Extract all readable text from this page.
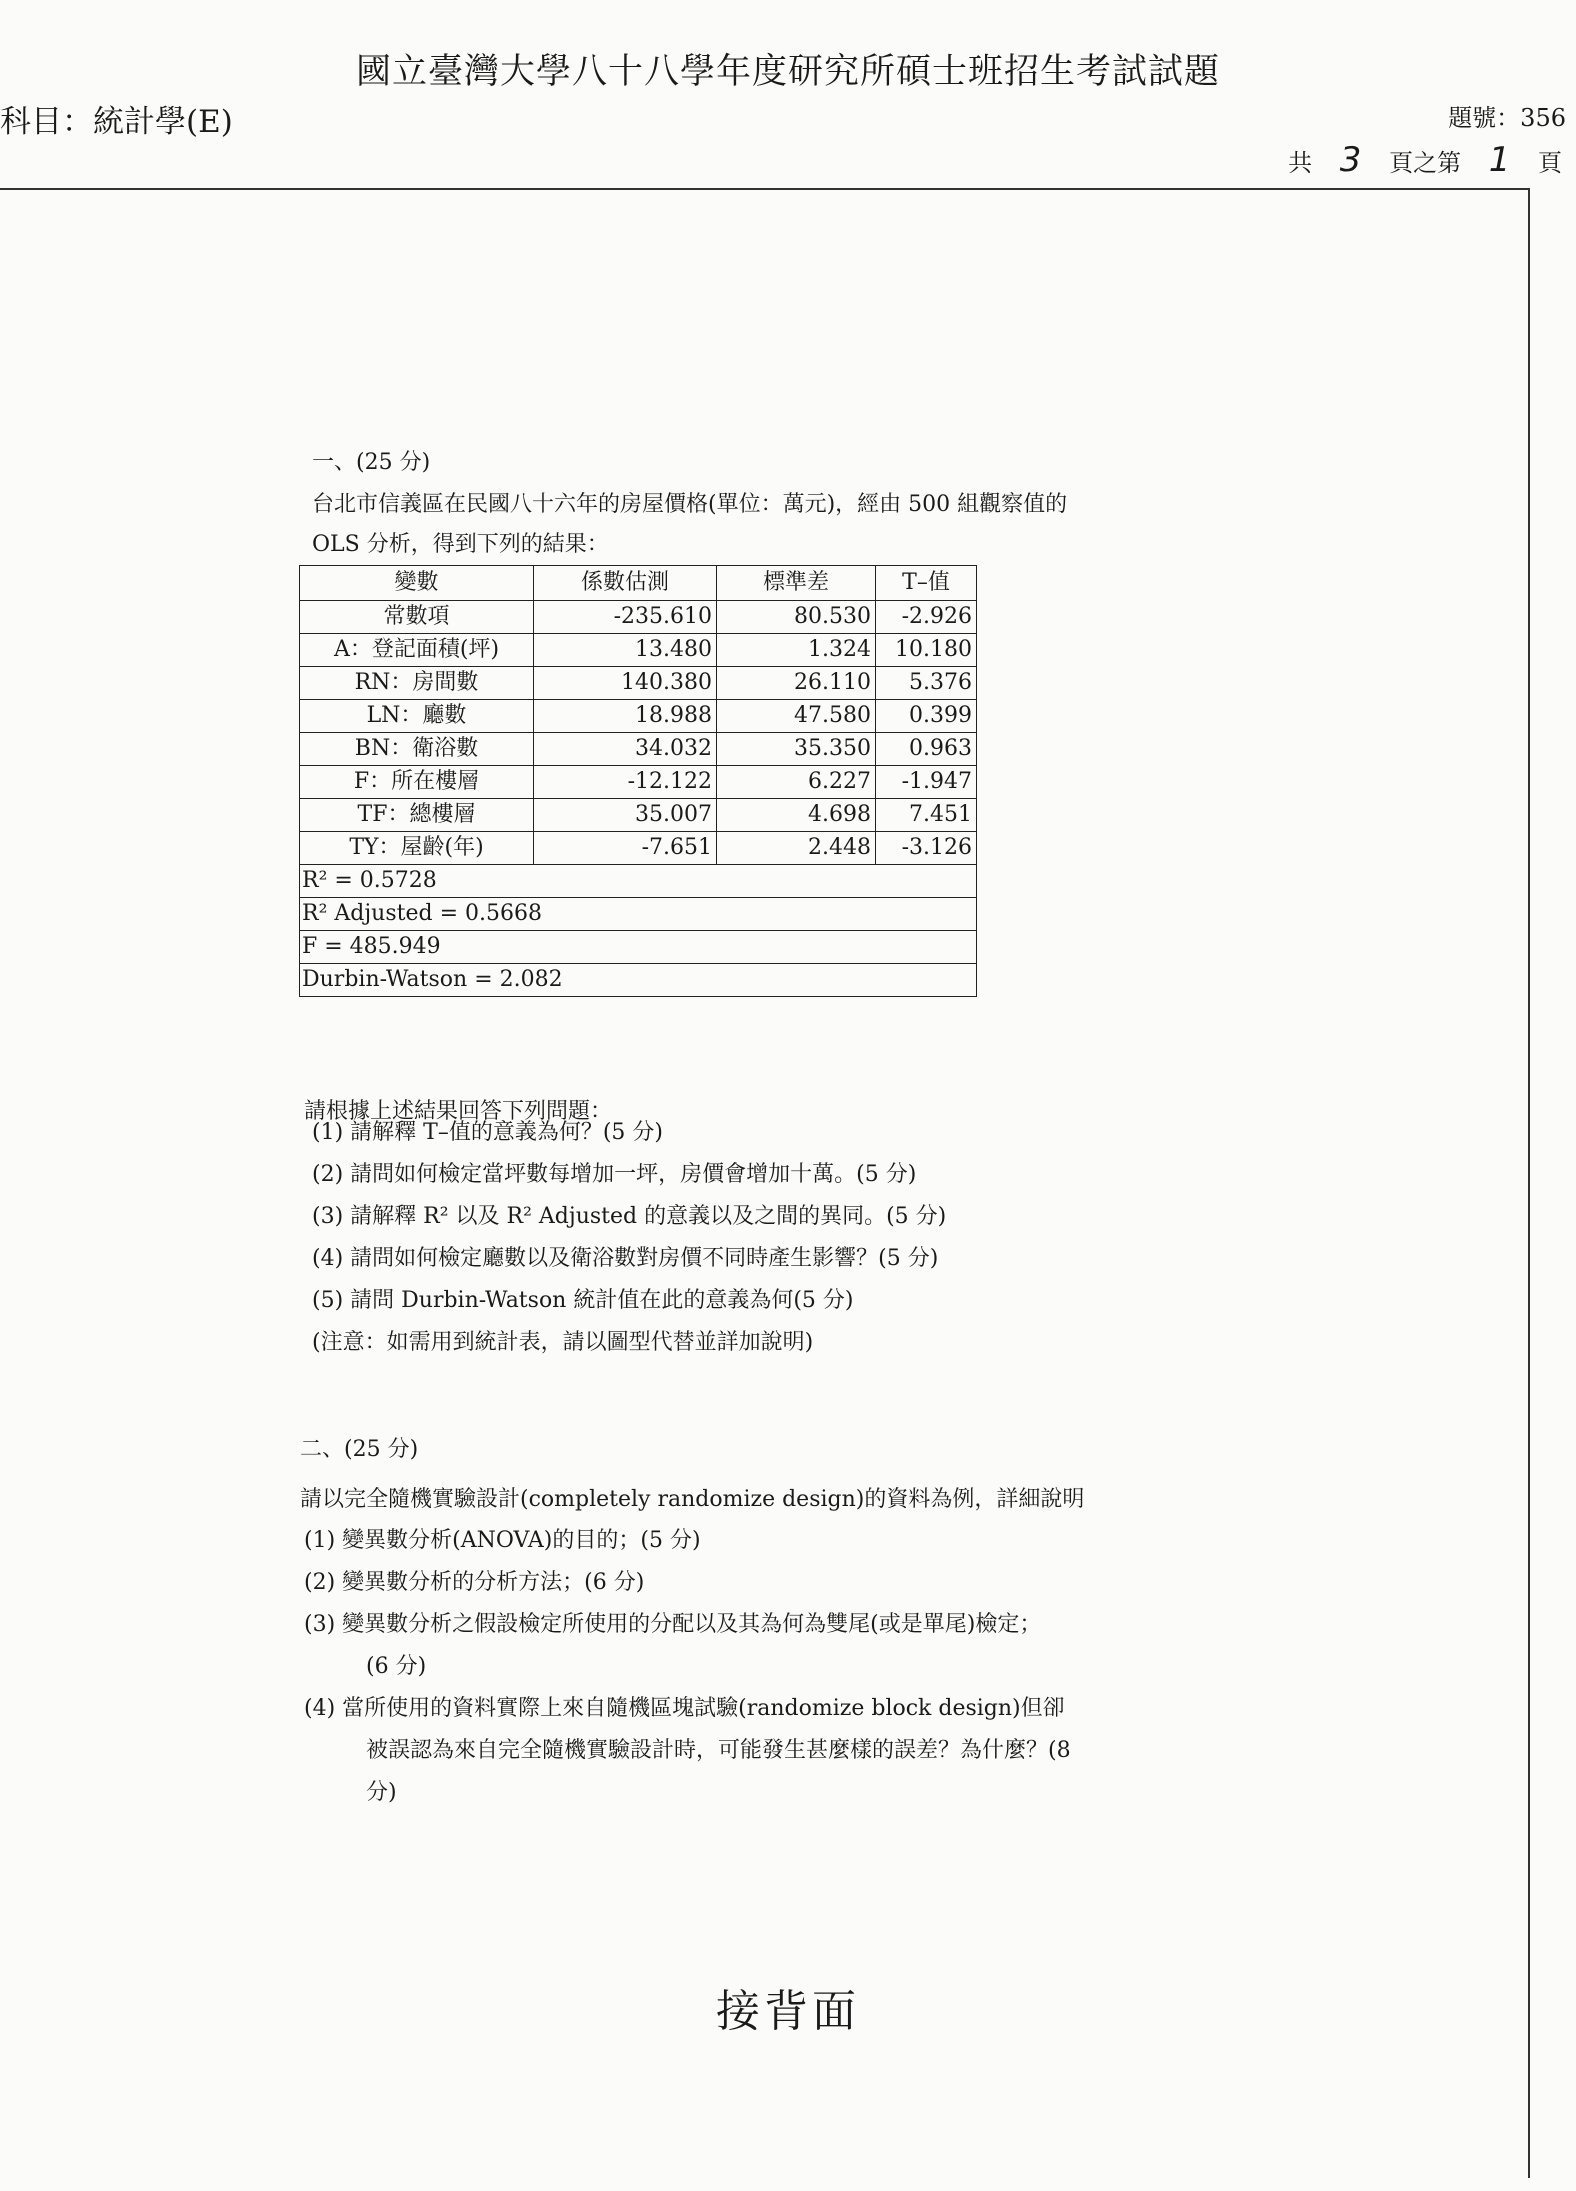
國立臺灣大學八十八學年度研究所碩士班招生考試試題
科目：統計學(E)	題號：356
共 3 頁之第 1 頁
一、(25 分)

台北市信義區在民國八十六年的房屋價格(單位：萬元)，經由 500 組觀察值的

OLS 分析，得到下列的結果：

變數	係數估測	標準差	T–值
常數項	-235.610	80.530	-2.926
A：登記面積(坪)	13.480	1.324	10.180
RN：房間數	140.380	26.110	5.376
LN：廳數	18.988	47.580	0.399
BN：衛浴數	34.032	35.350	0.963
F：所在樓層	-12.122	6.227	-1.947
TF：總樓層	35.007	4.698	7.451
TY：屋齡(年)	-7.651	2.448	-3.126
R² = 0.5728			
R² Adjusted = 0.5668			
F = 485.949			
Durbin-Watson = 2.082			
請根據上述結果回答下列問題：
(1) 請解釋 T–值的意義為何？(5 分)
(2) 請問如何檢定當坪數每增加一坪，房價會增加十萬。(5 分)
(3) 請解釋 R² 以及 R² Adjusted 的意義以及之間的異同。(5 分)
(4) 請問如何檢定廳數以及衛浴數對房價不同時產生影響？(5 分)
(5) 請問 Durbin-Watson 統計值在此的意義為何(5 分)
(注意：如需用到統計表，請以圖型代替並詳加說明)
二、(25 分)
請以完全隨機實驗設計(completely randomize design)的資料為例，詳細說明
(1) 變異數分析(ANOVA)的目的；(5 分)
(2) 變異數分析的分析方法；(6 分)
(3) 變異數分析之假設檢定所使用的分配以及其為何為雙尾(或是單尾)檢定；
(6 分)
(4) 當所使用的資料實際上來自隨機區塊試驗(randomize block design)但卻
被誤認為來自完全隨機實驗設計時，可能發生甚麼樣的誤差？為什麼？(8
分)
接背面
